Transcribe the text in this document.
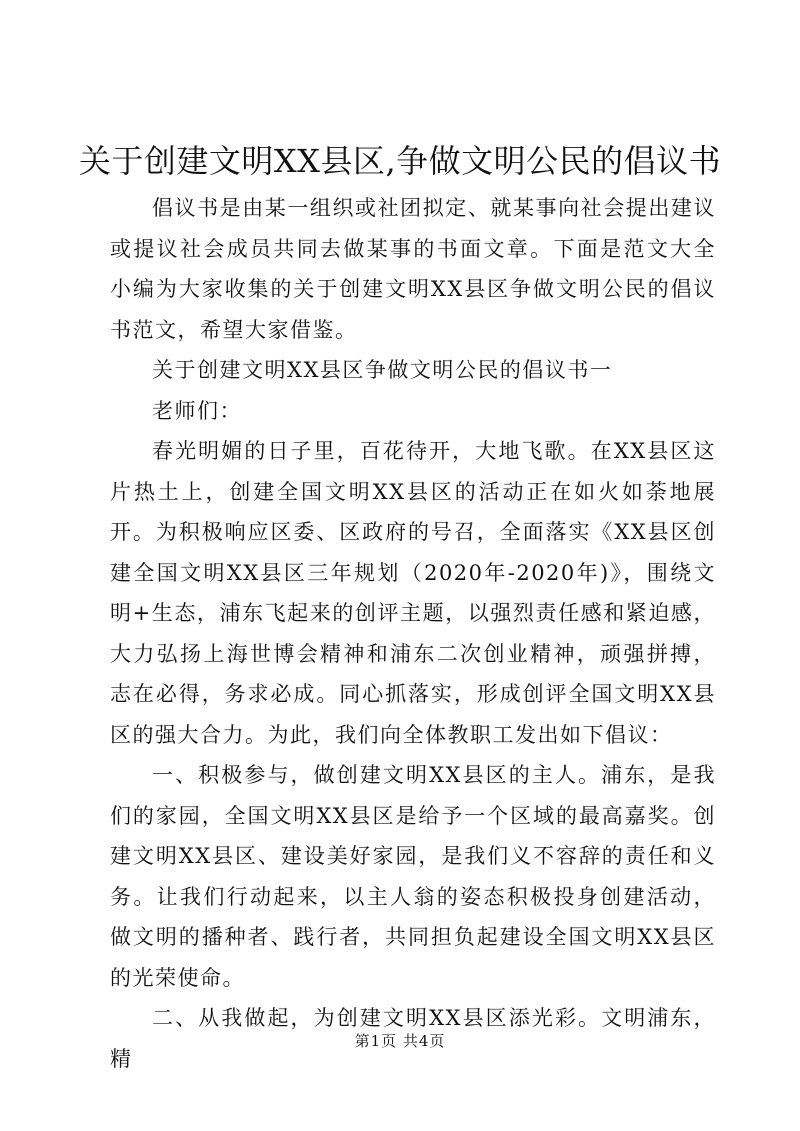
关于创建文明XX县区,争做文明公民的倡议书

倡议书是由某一组织或社团拟定、就某事向社会提出建议或提议社会成员共同去做某事的书面文章。下面是范文大全小编为大家收集的关于创建文明XX县区争做文明公民的倡议书范文，希望大家借鉴。

关于创建文明XX县区争做文明公民的倡议书一

老师们：

春光明媚的日子里，百花待开，大地飞歌。在XX县区这片热土上，创建全国文明XX县区的活动正在如火如荼地展开。为积极响应区委、区政府的号召，全面落实《XX县区创建全国文明XX县区三年规划（2020年-2020年)》，围绕文明+生态，浦东飞起来的创评主题，以强烈责任感和紧迫感，大力弘扬上海世博会精神和浦东二次创业精神，顽强拼搏，志在必得，务求必成。同心抓落实，形成创评全国文明XX县区的强大合力。为此，我们向全体教职工发出如下倡议：

一、积极参与，做创建文明XX县区的主人。浦东，是我们的家园，全国文明XX县区是给予一个区域的最高嘉奖。创建文明XX县区、建设美好家园，是我们义不容辞的责任和义务。让我们行动起来，以主人翁的姿态积极投身创建活动，做文明的播种者、践行者，共同担负起建设全国文明XX县区的光荣使命。

二、从我做起，为创建文明XX县区添光彩。文明浦东，精

第1页 共4页
